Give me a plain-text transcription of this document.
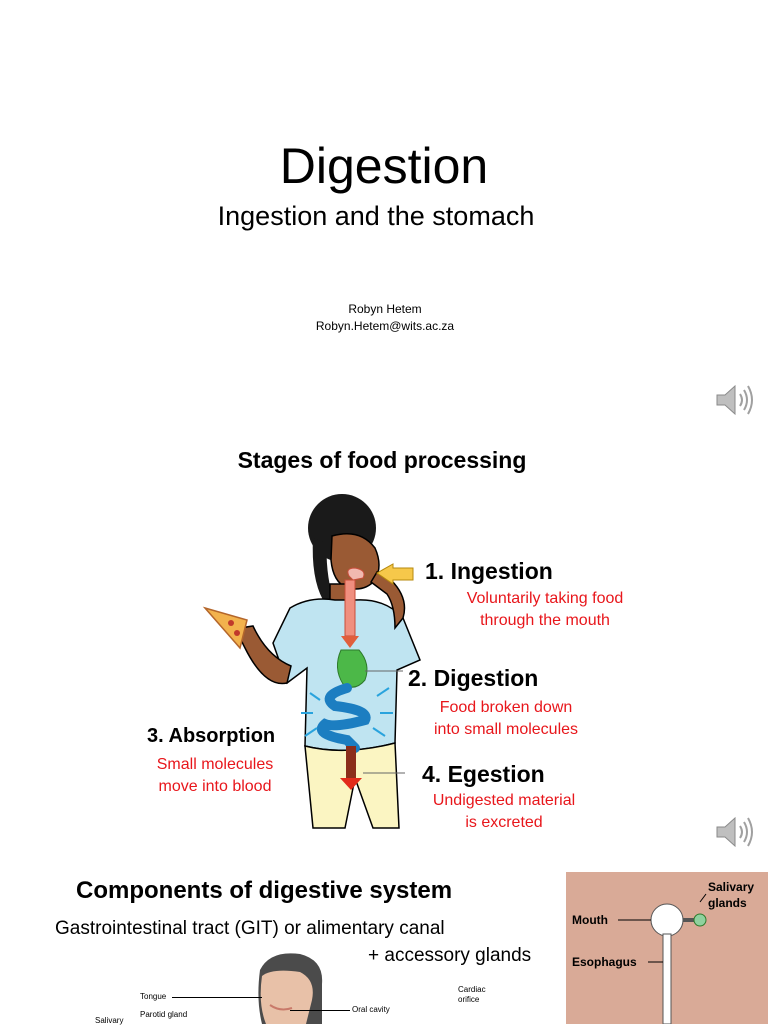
Digestion
Ingestion and the stomach
Robyn Hetem
Robyn.Hetem@wits.ac.za
Stages of food processing
1. Ingestion
Voluntarily taking food
through the mouth
2. Digestion
Food broken down
into small molecules
3. Absorption
Small molecules
move into blood	4. Egestion
Undigested material
is excreted
Components of digestive system
Gastrointestinal tract (GIT) or alimentary canal
+ accessory glands
Tongue
Salivary
Parotid gland
Oral cavity
Cardiac
orifice
Salivary
glands
Mouth
Esophagus
